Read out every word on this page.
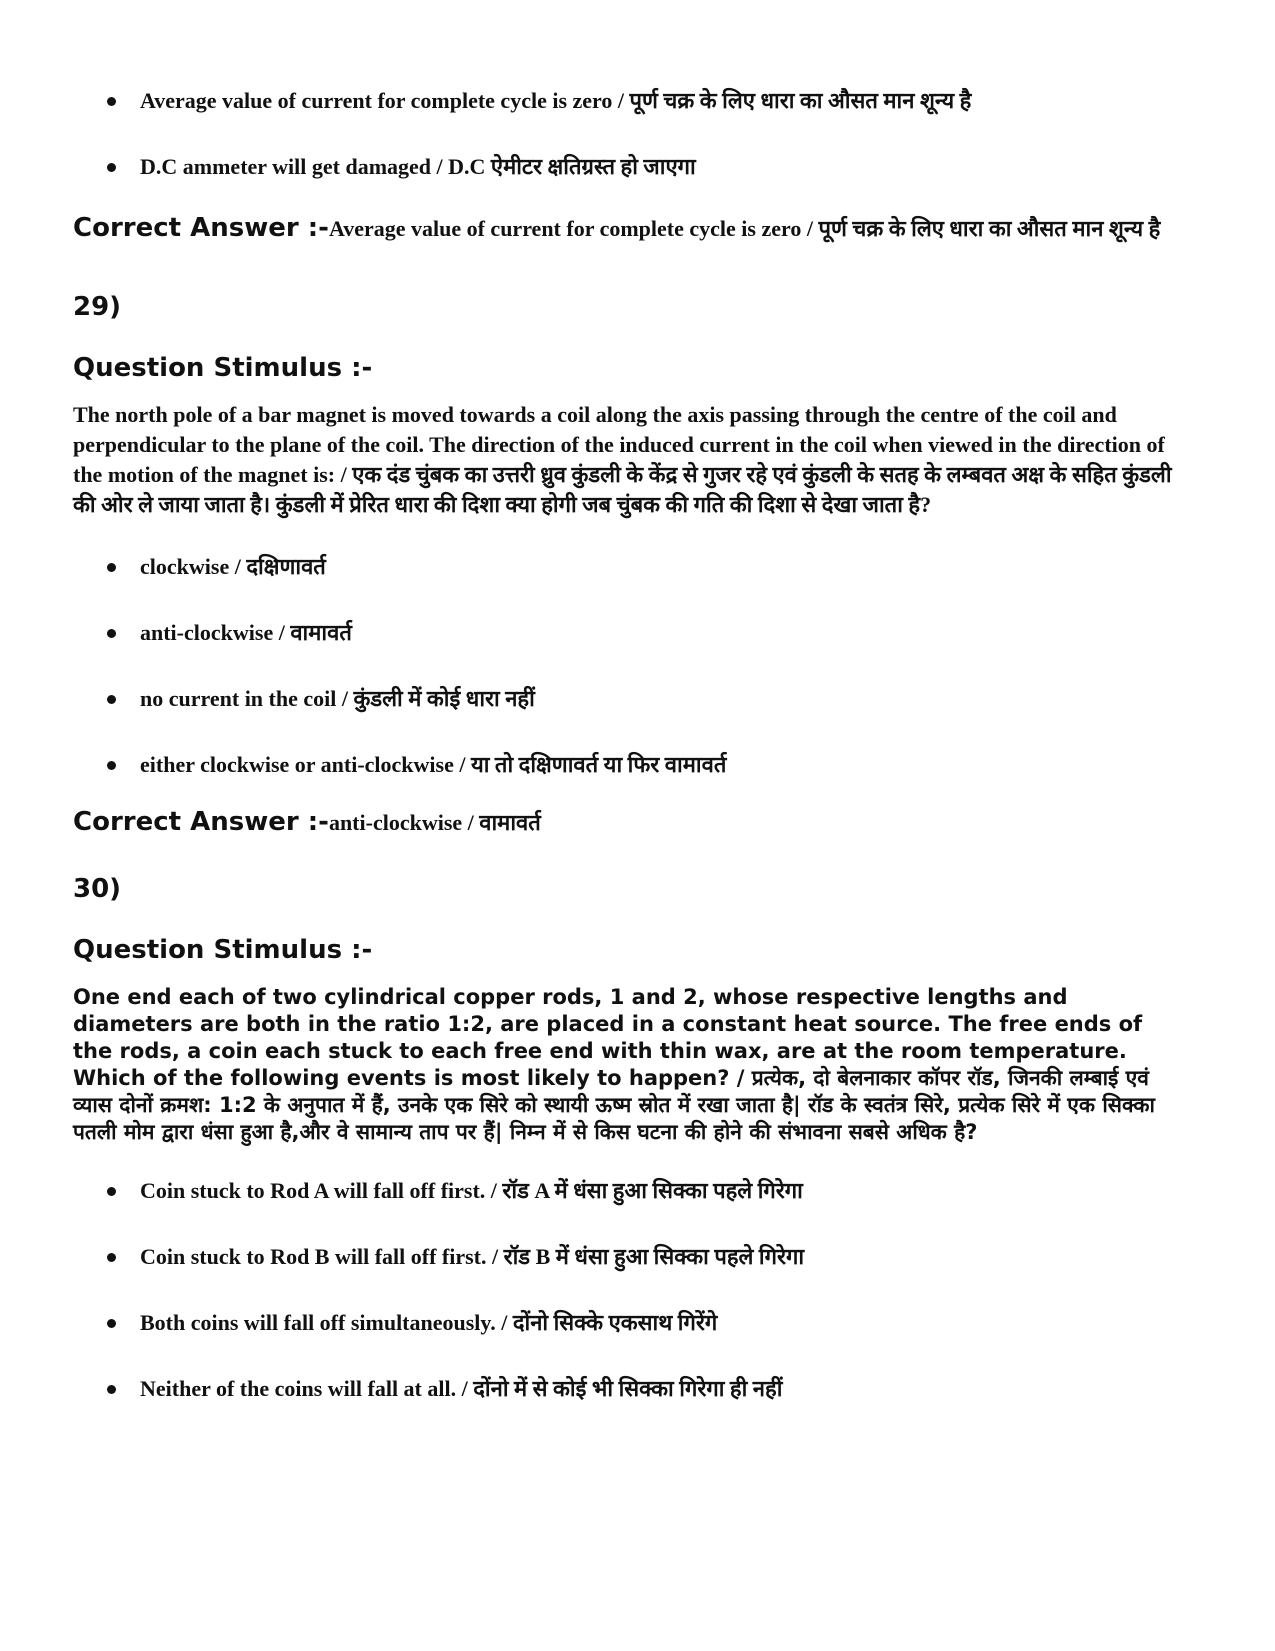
Average value of current for complete cycle is zero / पूर्ण चक्र के लिए धारा का औसत मान शून्य है
D.C ammeter will get damaged / D.C ऐमीटर क्षतिग्रस्त हो जाएगा
Correct Answer :-Average value of current for complete cycle is zero / पूर्ण चक्र के लिए धारा का औसत मान शून्य है
29)
Question Stimulus :-
The north pole of a bar magnet is moved towards a coil along the axis passing through the centre of the coil and perpendicular to the plane of the coil. The direction of the induced current in the coil when viewed in the direction of the motion of the magnet is: / एक दंड चुंबक का उत्तरी ध्रुव कुंडली के केंद्र से गुजर रहे एवं कुंडली के सतह के लम्बवत अक्ष के सहित कुंडली की ओर ले जाया जाता है। कुंडली में प्रेरित धारा की दिशा क्या होगी जब चुंबक की गति की दिशा से देखा जाता है?
clockwise / दक्षिणावर्त
anti-clockwise / वामावर्त
no current in the coil / कुंडली में कोई धारा नहीं
either clockwise or anti-clockwise / या तो दक्षिणावर्त या फिर वामावर्त
Correct Answer :-anti-clockwise / वामावर्त
30)
Question Stimulus :-
One end each of two cylindrical copper rods, 1 and 2, whose respective lengths and diameters are both in the ratio 1:2, are placed in a constant heat source. The free ends of the rods, a coin each stuck to each free end with thin wax, are at the room temperature. Which of the following events is most likely to happen? / प्रत्येक, दो बेलनाकार कॉपर रॉड, जिनकी लम्बाई एवं व्यास दोनों क्रमश: 1:2 के अनुपात में हैं, उनके एक सिरे को स्थायी ऊष्म स्रोत में रखा जाता है| रॉड के स्वतंत्र सिरे, प्रत्येक सिरे में एक सिक्का पतली मोम द्वारा धंसा हुआ है,और वे सामान्य ताप पर हैं| निम्न में से किस घटना की होने की संभावना सबसे अधिक है?
Coin stuck to Rod A will fall off first. / रॉड A में धंसा हुआ सिक्का पहले गिरेगा
Coin stuck to Rod B will fall off first. / रॉड B में धंसा हुआ सिक्का पहले गिरेगा
Both coins will fall off simultaneously. / दोंनो सिक्के एकसाथ गिरेंगे
Neither of the coins will fall at all. / दोंनो में से कोई भी सिक्का गिरेगा ही नहीं
